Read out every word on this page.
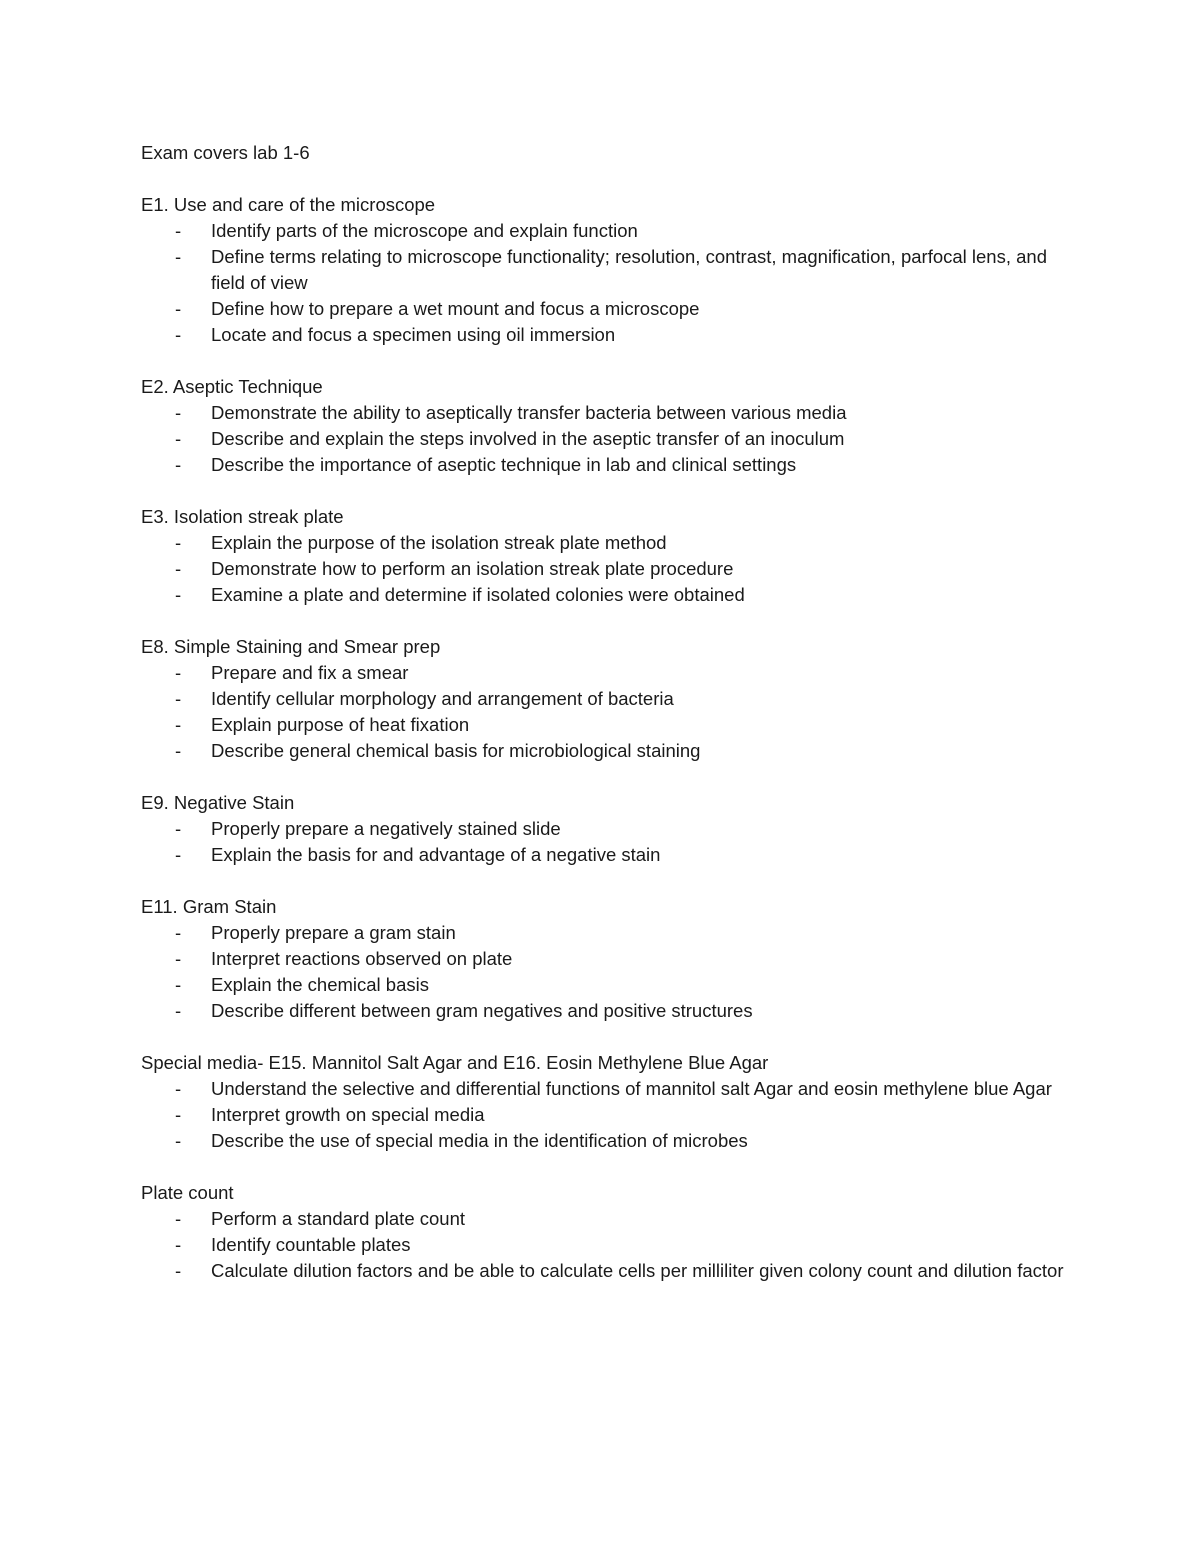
Exam covers lab 1-6

E1. Use and care of the microscope

- Identify parts of the microscope and explain function
- Define terms relating to microscope functionality; resolution, contrast, magnification, parfocal lens, and field of view
- Define how to prepare a wet mount and focus a microscope
- Locate and focus a specimen using oil immersion

E2. Aseptic Technique

- Demonstrate the ability to aseptically transfer bacteria between various media
- Describe and explain the steps involved in the aseptic transfer of an inoculum
- Describe the importance of aseptic technique in lab and clinical settings

E3. Isolation streak plate

- Explain the purpose of the isolation streak plate method
- Demonstrate how to perform an isolation streak plate procedure
- Examine a plate and determine if isolated colonies were obtained

E8. Simple Staining and Smear prep

- Prepare and fix a smear
- Identify cellular morphology and arrangement of bacteria
- Explain purpose of heat fixation
- Describe general chemical basis for microbiological staining

E9. Negative Stain

- Properly prepare a negatively stained slide
- Explain the basis for and advantage of a negative stain

E11. Gram Stain

- Properly prepare a gram stain
- Interpret reactions observed on plate
- Explain the chemical basis
- Describe different between gram negatives and positive structures

Special media- E15. Mannitol Salt Agar and E16. Eosin Methylene Blue Agar

- Understand the selective and differential functions of mannitol salt Agar and eosin methylene blue Agar
- Interpret growth on special media
- Describe the use of special media in the identification of microbes

Plate count

- Perform a standard plate count
- Identify countable plates
- Calculate dilution factors and be able to calculate cells per milliliter given colony count and dilution factor
